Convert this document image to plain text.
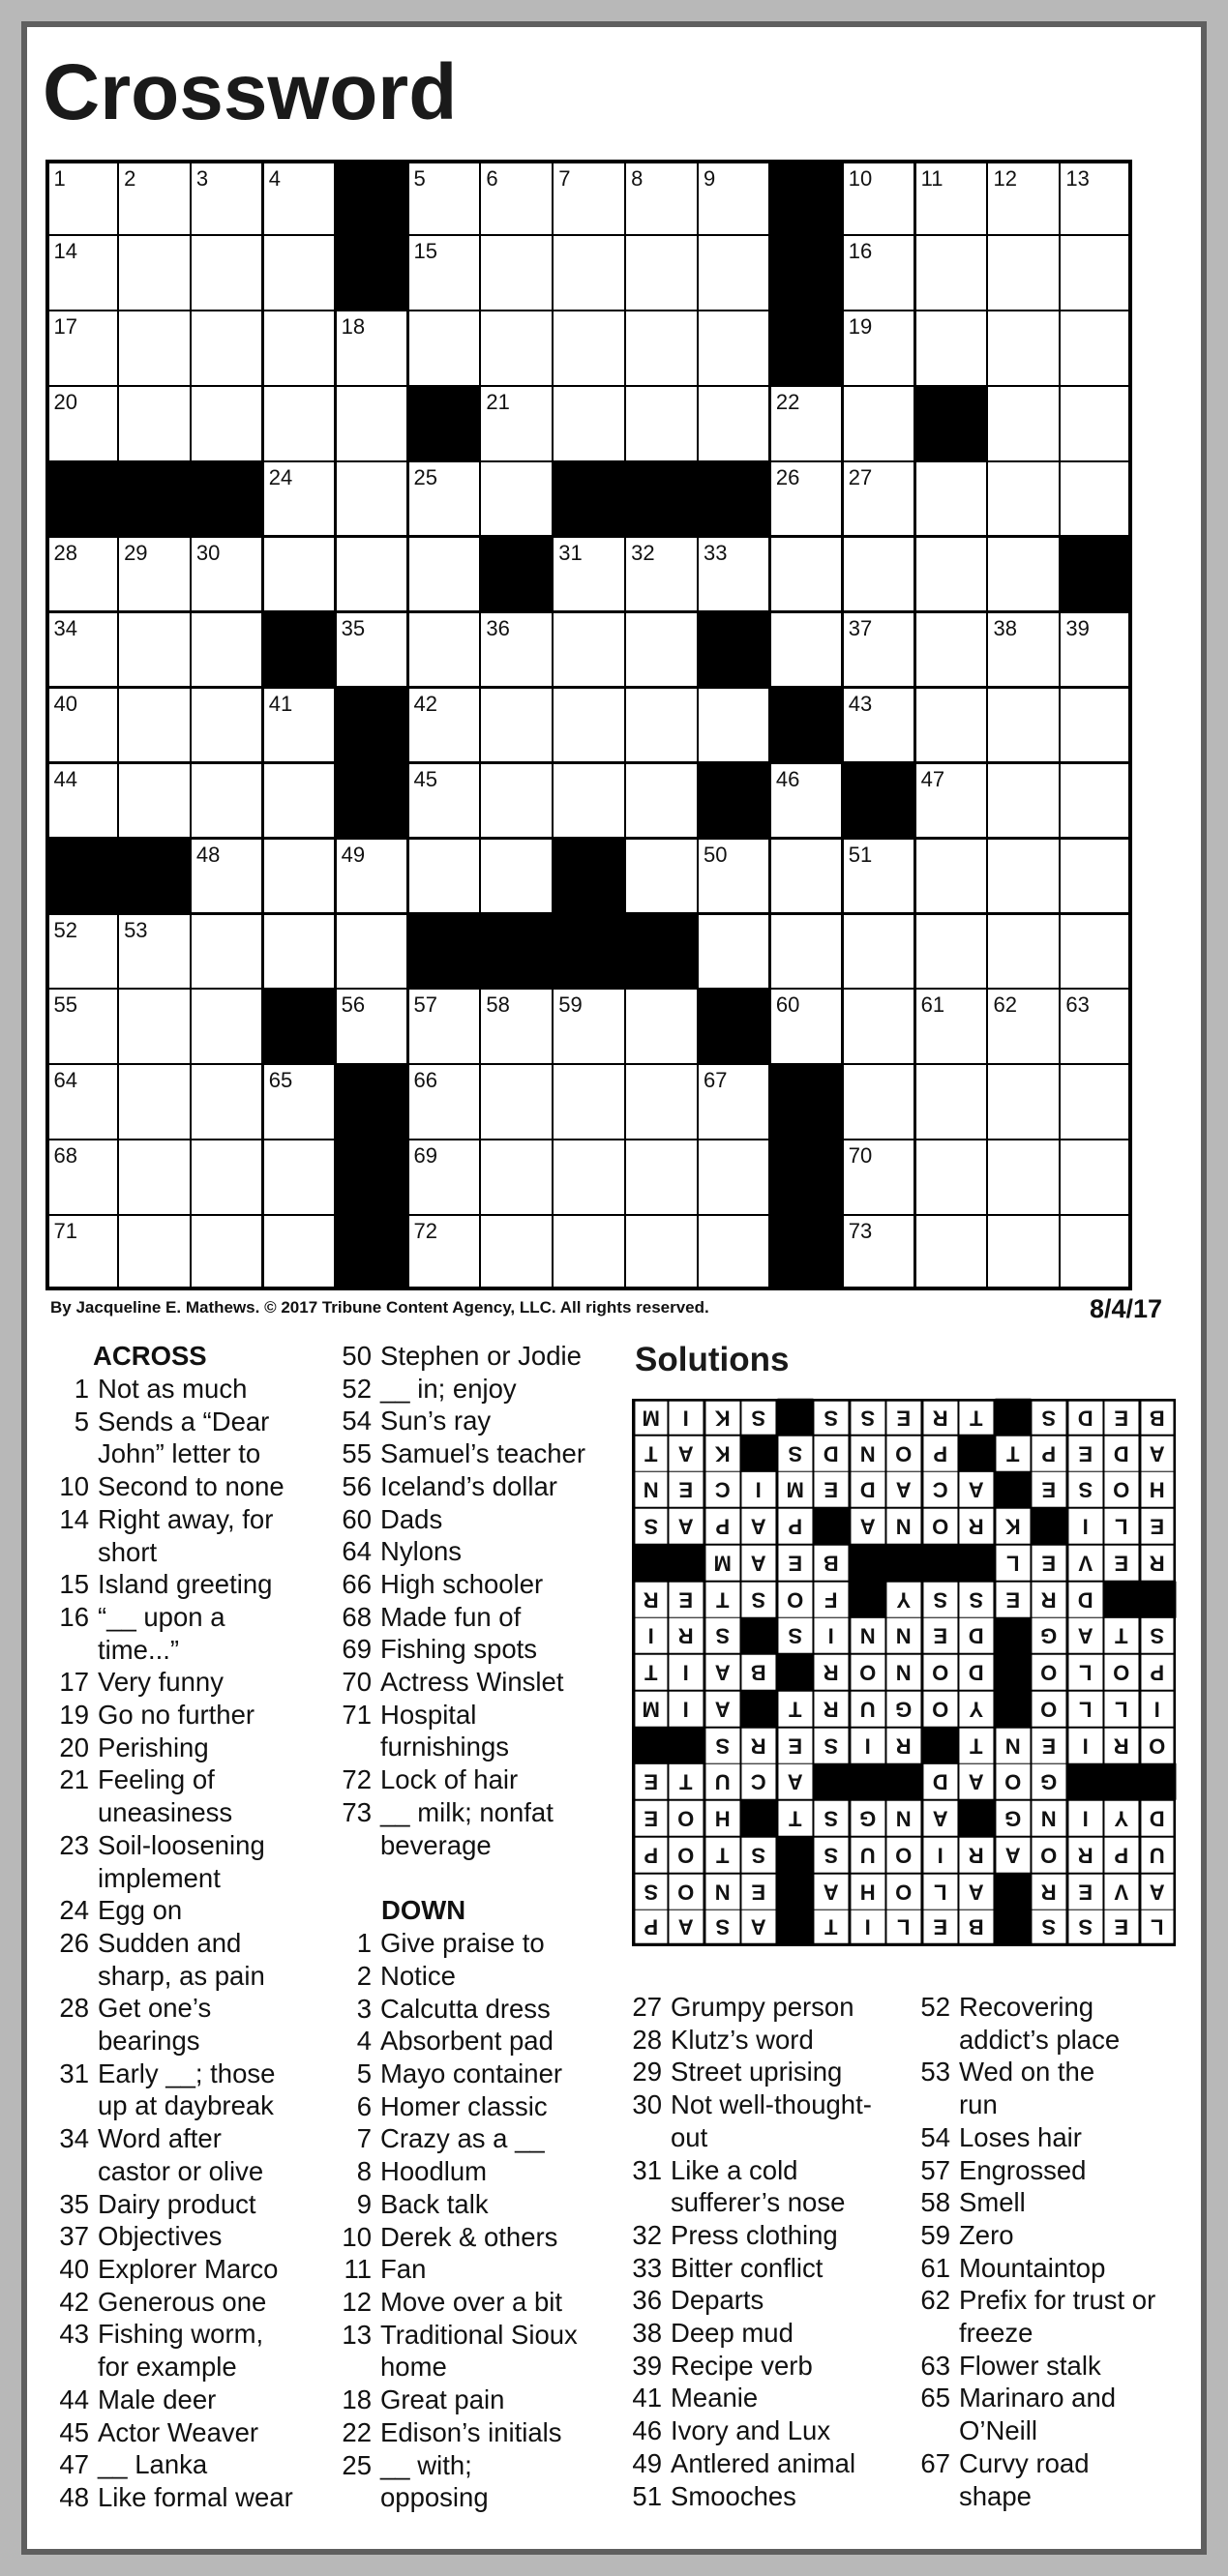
Crossword
1	2	3	4	5	6	7	8	9	10 11 12 13
14	15	16
17	18	19
20	21	22
24	25	26 27
28 29 30	31 32 33
34	35	36	37	38 39
40	41	42	43
44	45	46	47
48	49	50	51
52 53
55	56 57 58 59	60	61 62 63
64	65	66	67
68	69	70
71	72	73
By Jacqueline E. Mathews. © 2017 Tribune Content Agency, LLC. All rights reserved.	8/4/17
Solutions
L
E
S
S
B
E
L
I
T
A
S
A
P
A
V
E
R
A
L
O
H
A
E
N
O
S
U
P
R
O
A
R
I
O
U
S
S
T
O
P
D
Y
I
N
G
A
N
G
S
T
H
O
E
G
O
A
D
A
C
U
T
E
O
R
I
E
N
T
R
I
S
E
R
S
I
L
L
O
Y
O
G
U
R
T
A
I
M
P
O
L
O
D
O
N
O
R
B
A
I
T
S
T
A
G
D
E
N
N
I
S
S
R
I
D
R
E
S
S
Y
F
O
S
T
E
R
R
E
V
E
L
B
E
A
M
E
L
I
K
R
O
N
A
P
A
P
A
S
H
O
S
E
A
C
A
D
E
M
I
C
E
N
A
D
E
P
T
P
O
N
D
S
K
A
T
B
E
D
S
T
R
E
S
S
S
K
I
M
ACROSS
1 Not as much
5 Sends a “Dear
John” letter to
10 Second to none
14 Right away, for
short
15 Island greeting
16 “__ upon a
time...”
17 Very funny
19 Go no further
20 Perishing
21 Feeling of
uneasiness
23 Soil-loosening
implement
24 Egg on
26 Sudden and
sharp, as pain
28 Get one’s
bearings
31 Early __; those
up at daybreak
34 Word after
castor or olive
35 Dairy product
37 Objectives
40 Explorer Marco
42 Generous one
43 Fishing worm,
for example
44 Male deer
45 Actor Weaver
47 __ Lanka
48 Like formal wear
50 Stephen or Jodie
52 __ in; enjoy
54 Sun’s ray
55 Samuel’s teacher
56 Iceland’s dollar
60 Dads
64 Nylons
66 High schooler
68 Made fun of
69 Fishing spots
70 Actress Winslet
71 Hospital
furnishings
72 Lock of hair
73 __ milk; nonfat
beverage
DOWN
1 Give praise to
2 Notice
3 Calcutta dress
4 Absorbent pad
5 Mayo container
6 Homer classic
7 Crazy as a __
8 Hoodlum
9 Back talk
10 Derek & others
11 Fan
12 Move over a bit
13 Traditional Sioux
home
18 Great pain
22 Edison’s initials
25 __ with;
opposing
27 Grumpy person
28 Klutz’s word
29 Street uprising
30 Not well-thought-
out
31 Like a cold
sufferer’s nose
32 Press clothing
33 Bitter conflict
36 Departs
38 Deep mud
39 Recipe verb
41 Meanie
46 Ivory and Lux
49 Antlered animal
51 Smooches
52 Recovering
addict’s place
53 Wed on the
run
54 Loses hair
57 Engrossed
58 Smell
59 Zero
61 Mountaintop
62 Prefix for trust or
freeze
63 Flower stalk
65 Marinaro and
O’Neill
67 Curvy road
shape
